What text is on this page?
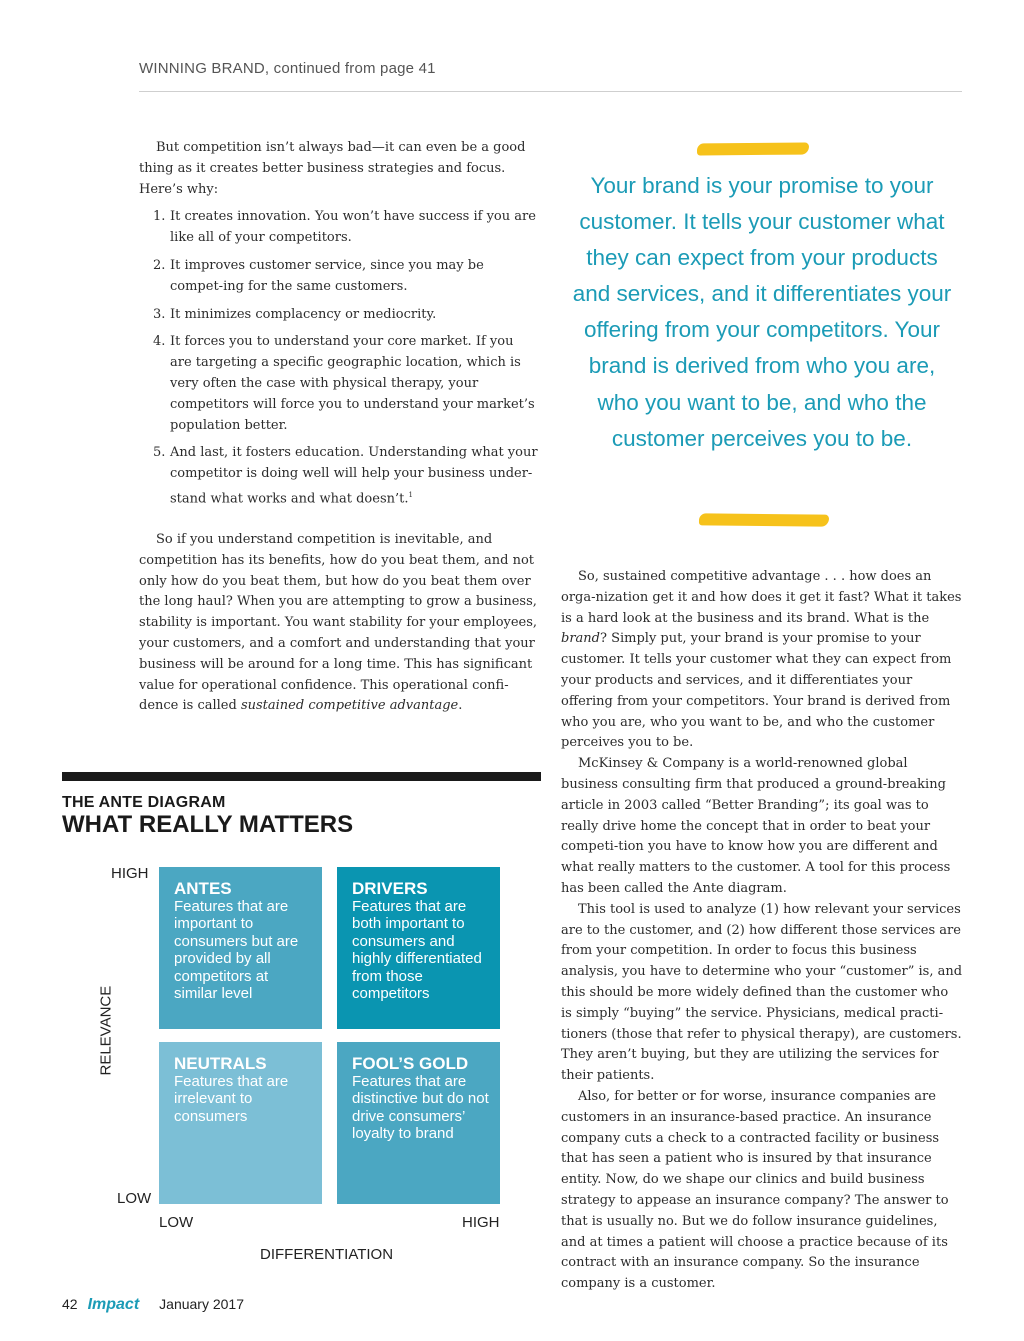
WINNING BRAND, continued from page 41

But competition isn’t always bad—it can even be a good thing as it creates better business strategies and focus. Here’s why:

1. It creates innovation. You won’t have success if you are like all of your competitors.
2. It improves customer service, since you may be compet-ing for the same customers.
3. It minimizes complacency or mediocrity.
4. It forces you to understand your core market. If you are targeting a specific geographic location, which is very often the case with physical therapy, your competitors will force you to understand your market’s population better.
5. And last, it fosters education. Understanding what your competitor is doing well will help your business under-stand what works and what doesn’t.$^1$

So if you understand competition is inevitable, and competition has its benefits, how do you beat them, and not only how do you beat them, but how do you beat them over the long haul? When you are attempting to grow a business, stability is important. You want stability for your employees, your customers, and a comfort and understanding that your business will be around for a long time. This has significant value for operational confidence. This operational confi-dence is called sustained competitive advantage.

Your brand is your promise to your customer. It tells your customer what they can expect from your products and services, and it differentiates your offering from your competitors. Your brand is derived from who you are, who you want to be, and who the customer perceives you to be.

So, sustained competitive advantage . . . how does an orga-nization get it and how does it get it fast? What it takes is a hard look at the business and its brand. What is the brand? Simply put, your brand is your promise to your customer. It tells your customer what they can expect from your products and services, and it differentiates your offering from your competitors. Your brand is derived from who you are, who you want to be, and who the customer perceives you to be.

McKinsey & Company is a world-renowned global business consulting firm that produced a ground-breaking article in 2003 called “Better Branding”; its goal was to really drive home the concept that in order to beat your competi-tion you have to know how you are different and what really matters to the customer. A tool for this process has been called the Ante diagram.

This tool is used to analyze (1) how relevant your services are to the customer, and (2) how different those services are from your competition. In order to focus this business analysis, you have to determine who your “customer” is, and this should be more widely defined than the customer who is simply “buying” the service. Physicians, medical practi-tioners (those that refer to physical therapy), are customers. They aren’t buying, but they are utilizing the services for their patients.

Also, for better or for worse, insurance companies are customers in an insurance-based practice. An insurance company cuts a check to a contracted facility or business that has seen a patient who is insured by that insurance entity. Now, do we shape our clinics and build business strategy to appease an insurance company? The answer to that is usually no. But we do follow insurance guidelines, and at times a patient will choose a practice because of its contract with an insurance company. So the insurance company is a customer.

THE ANTE DIAGRAM
WHAT REALLY MATTERS
HIGH
LOW
RELEVANCE
LOW	HIGH
DIFFERENTIATION
ANTES

Features that are important to consumers but are provided by all competitors at similar level

DRIVERS

Features that are both important to consumers and highly differentiated from those competitors

NEUTRALS

Features that are irrelevant to consumers

FOOL’S GOLD

Features that are distinctive but do not drive consumers’ loyalty to brand

42 Impact January 2017
